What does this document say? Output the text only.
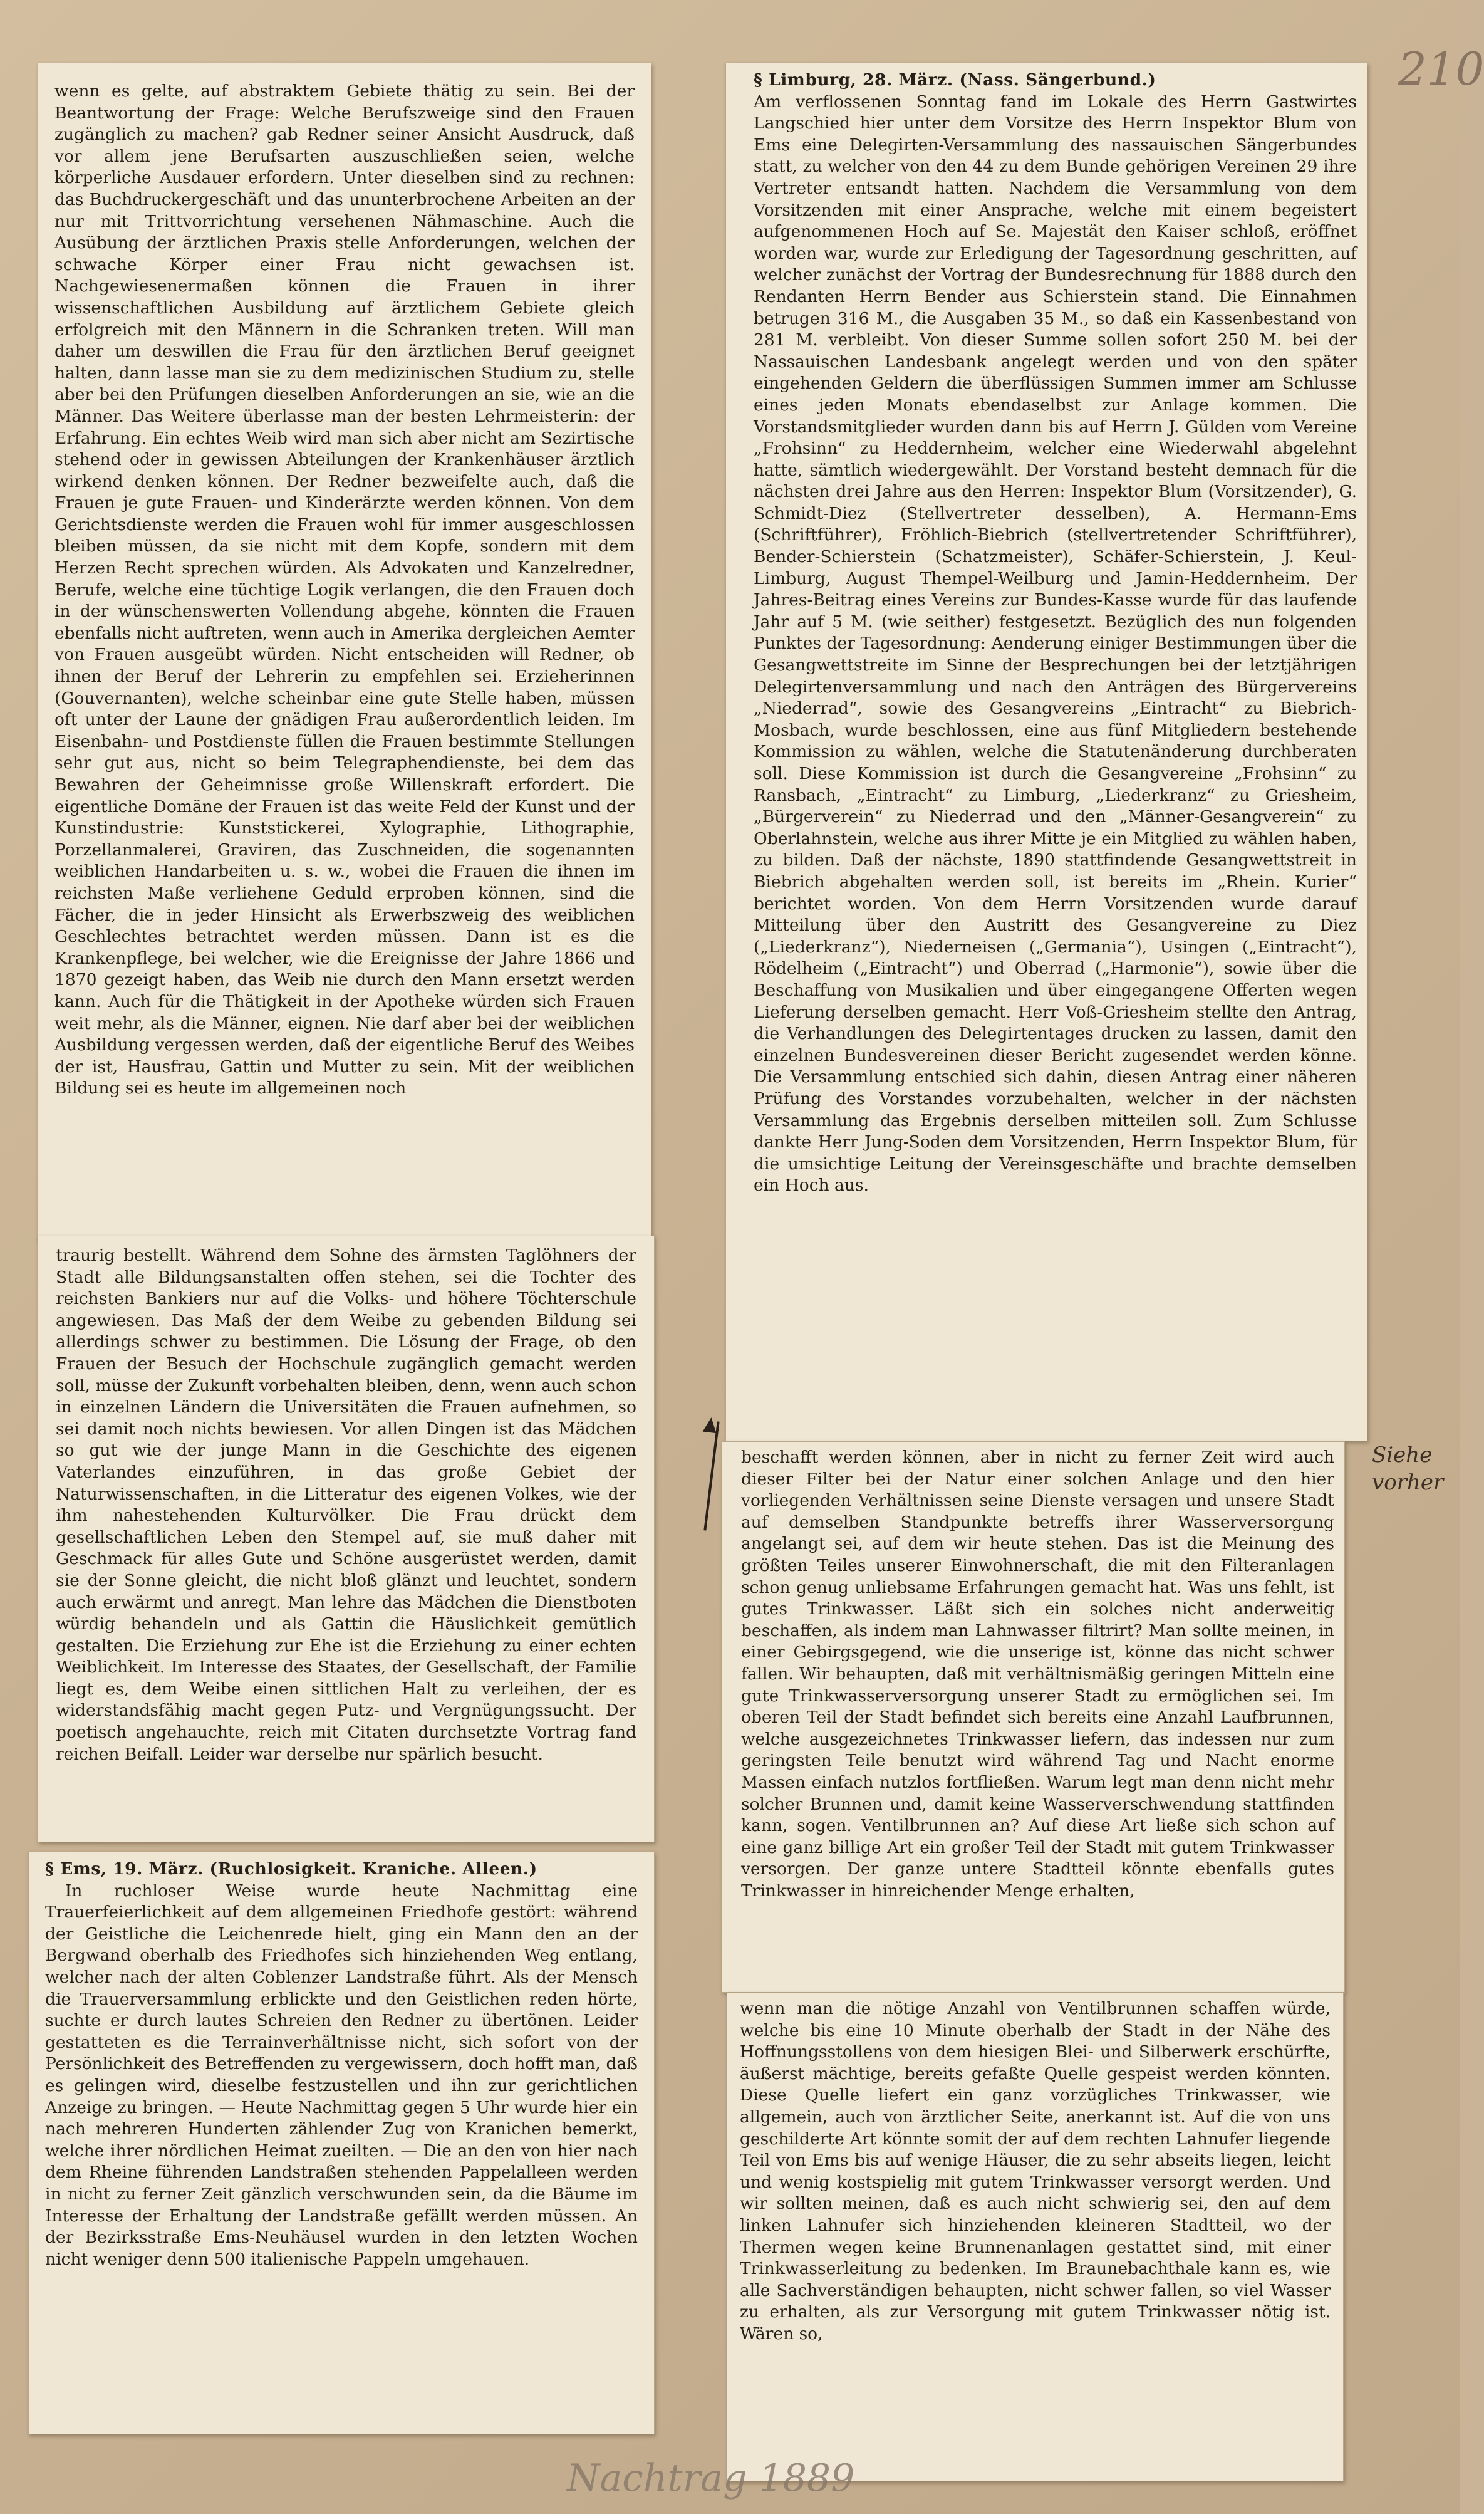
210

wenn es gelte, auf abstraktem Gebiete thätig zu sein. Bei der Beantwortung der Frage: Welche Berufszweige sind den Frauen zugänglich zu machen? gab Redner seiner Ansicht Ausdruck, daß vor allem jene Berufsarten auszuschließen seien, welche körperliche Ausdauer erfordern. Unter dieselben sind zu rechnen: das Buchdruckergeschäft und das ununterbrochene Arbeiten an der nur mit Trittvorrichtung versehenen Nähmaschine. Auch die Ausübung der ärztlichen Praxis stelle Anforderungen, welchen der schwache Körper einer Frau nicht gewachsen ist. Nachgewiesenermaßen können die Frauen in ihrer wissenschaftlichen Ausbildung auf ärztlichem Gebiete gleich erfolgreich mit den Männern in die Schranken treten. Will man daher um deswillen die Frau für den ärztlichen Beruf geeignet halten, dann lasse man sie zu dem medizinischen Studium zu, stelle aber bei den Prüfungen dieselben Anforderungen an sie, wie an die Männer. Das Weitere überlasse man der besten Lehrmeisterin: der Erfahrung. Ein echtes Weib wird man sich aber nicht am Sezirtische stehend oder in gewissen Abteilungen der Krankenhäuser ärztlich wirkend denken können. Der Redner bezweifelte auch, daß die Frauen je gute Frauen- und Kinderärzte werden können. Von dem Gerichtsdienste werden die Frauen wohl für immer ausgeschlossen bleiben müssen, da sie nicht mit dem Kopfe, sondern mit dem Herzen Recht sprechen würden. Als Advokaten und Kanzelredner, Berufe, welche eine tüchtige Logik verlangen, die den Frauen doch in der wünschenswerten Vollendung abgehe, könnten die Frauen ebenfalls nicht auftreten, wenn auch in Amerika dergleichen Aemter von Frauen ausgeübt würden. Nicht entscheiden will Redner, ob ihnen der Beruf der Lehrerin zu empfehlen sei. Erzieherinnen (Gouvernanten), welche scheinbar eine gute Stelle haben, müssen oft unter der Laune der gnädigen Frau außerordentlich leiden. Im Eisenbahn- und Postdienste füllen die Frauen bestimmte Stellungen sehr gut aus, nicht so beim Telegraphendienste, bei dem das Bewahren der Geheimnisse große Willenskraft erfordert. Die eigentliche Domäne der Frauen ist das weite Feld der Kunst und der Kunstindustrie: Kunststickerei, Xylographie, Lithographie, Porzellanmalerei, Graviren, das Zuschneiden, die sogenannten weiblichen Handarbeiten u. s. w., wobei die Frauen die ihnen im reichsten Maße verliehene Geduld erproben können, sind die Fächer, die in jeder Hinsicht als Erwerbszweig des weiblichen Geschlechtes betrachtet werden müssen. Dann ist es die Krankenpflege, bei welcher, wie die Ereignisse der Jahre 1866 und 1870 gezeigt haben, das Weib nie durch den Mann ersetzt werden kann. Auch für die Thätigkeit in der Apotheke würden sich Frauen weit mehr, als die Männer, eignen. Nie darf aber bei der weiblichen Ausbildung vergessen werden, daß der eigentliche Beruf des Weibes der ist, Hausfrau, Gattin und Mutter zu sein. Mit der weiblichen Bildung sei es heute im allgemeinen noch

traurig bestellt. Während dem Sohne des ärmsten Taglöhners der Stadt alle Bildungsanstalten offen stehen, sei die Tochter des reichsten Bankiers nur auf die Volks- und höhere Töchterschule angewiesen. Das Maß der dem Weibe zu gebenden Bildung sei allerdings schwer zu bestimmen. Die Lösung der Frage, ob den Frauen der Besuch der Hochschule zugänglich gemacht werden soll, müsse der Zukunft vorbehalten bleiben, denn, wenn auch schon in einzelnen Ländern die Universitäten die Frauen aufnehmen, so sei damit noch nichts bewiesen. Vor allen Dingen ist das Mädchen so gut wie der junge Mann in die Geschichte des eigenen Vaterlandes einzuführen, in das große Gebiet der Naturwissenschaften, in die Litteratur des eigenen Volkes, wie der ihm nahestehenden Kulturvölker. Die Frau drückt dem gesellschaftlichen Leben den Stempel auf, sie muß daher mit Geschmack für alles Gute und Schöne ausgerüstet werden, damit sie der Sonne gleicht, die nicht bloß glänzt und leuchtet, sondern auch erwärmt und anregt. Man lehre das Mädchen die Dienstboten würdig behandeln und als Gattin die Häuslichkeit gemütlich gestalten. Die Erziehung zur Ehe ist die Erziehung zu einer echten Weiblichkeit. Im Interesse des Staates, der Gesellschaft, der Familie liegt es, dem Weibe einen sittlichen Halt zu verleihen, der es widerstandsfähig macht gegen Putz- und Vergnügungssucht. Der poetisch angehauchte, reich mit Citaten durchsetzte Vortrag fand reichen Beifall. Leider war derselbe nur spärlich besucht.

§ Ems, 19. März. (Ruchlosigkeit. Kraniche. Alleen.)

In ruchloser Weise wurde heute Nachmittag eine Trauerfeierlichkeit auf dem allgemeinen Friedhofe gestört: während der Geistliche die Leichenrede hielt, ging ein Mann den an der Bergwand oberhalb des Friedhofes sich hinziehenden Weg entlang, welcher nach der alten Coblenzer Landstraße führt. Als der Mensch die Trauerversammlung erblickte und den Geistlichen reden hörte, suchte er durch lautes Schreien den Redner zu übertönen. Leider gestatteten es die Terrainverhältnisse nicht, sich sofort von der Persönlichkeit des Betreffenden zu vergewissern, doch hofft man, daß es gelingen wird, dieselbe festzustellen und ihn zur gerichtlichen Anzeige zu bringen. — Heute Nachmittag gegen 5 Uhr wurde hier ein nach mehreren Hunderten zählender Zug von Kranichen bemerkt, welche ihrer nördlichen Heimat zueilten. — Die an den von hier nach dem Rheine führenden Landstraßen stehenden Pappelalleen werden in nicht zu ferner Zeit gänzlich verschwunden sein, da die Bäume im Interesse der Erhaltung der Landstraße gefällt werden müssen. An der Bezirksstraße Ems-Neuhäusel wurden in den letzten Wochen nicht weniger denn 500 italienische Pappeln umgehauen.

§ Limburg, 28. März. (Nass. Sängerbund.)

Am verflossenen Sonntag fand im Lokale des Herrn Gastwirtes Langschied hier unter dem Vorsitze des Herrn Inspektor Blum von Ems eine Delegirten-Versammlung des nassauischen Sängerbundes statt, zu welcher von den 44 zu dem Bunde gehörigen Vereinen 29 ihre Vertreter entsandt hatten. Nachdem die Versammlung von dem Vorsitzenden mit einer Ansprache, welche mit einem begeistert aufgenommenen Hoch auf Se. Majestät den Kaiser schloß, eröffnet worden war, wurde zur Erledigung der Tagesordnung geschritten, auf welcher zunächst der Vortrag der Bundesrechnung für 1888 durch den Rendanten Herrn Bender aus Schierstein stand. Die Einnahmen betrugen 316 M., die Ausgaben 35 M., so daß ein Kassenbestand von 281 M. verbleibt. Von dieser Summe sollen sofort 250 M. bei der Nassauischen Landesbank angelegt werden und von den später eingehenden Geldern die überflüssigen Summen immer am Schlusse eines jeden Monats ebendaselbst zur Anlage kommen. Die Vorstandsmitglieder wurden dann bis auf Herrn J. Gülden vom Vereine „Frohsinn“ zu Heddernheim, welcher eine Wiederwahl abgelehnt hatte, sämtlich wiedergewählt. Der Vorstand besteht demnach für die nächsten drei Jahre aus den Herren: Inspektor Blum (Vorsitzender), G. Schmidt-Diez (Stellvertreter desselben), A. Hermann-Ems (Schriftführer), Fröhlich-Biebrich (stellvertretender Schriftführer), Bender-Schierstein (Schatzmeister), Schäfer-Schierstein, J. Keul-Limburg, August Thempel-Weilburg und Jamin-Heddernheim. Der Jahres-Beitrag eines Vereins zur Bundes-Kasse wurde für das laufende Jahr auf 5 M. (wie seither) festgesetzt. Bezüglich des nun folgenden Punktes der Tagesordnung: Aenderung einiger Bestimmungen über die Gesangwettstreite im Sinne der Besprechungen bei der letztjährigen Delegirtenversammlung und nach den Anträgen des Bürgervereins „Niederrad“, sowie des Gesangvereins „Eintracht“ zu Biebrich-Mosbach, wurde beschlossen, eine aus fünf Mitgliedern bestehende Kommission zu wählen, welche die Statutenänderung durchberaten soll. Diese Kommission ist durch die Gesangvereine „Frohsinn“ zu Ransbach, „Eintracht“ zu Limburg, „Liederkranz“ zu Griesheim, „Bürgerverein“ zu Niederrad und den „Männer-Gesangverein“ zu Oberlahnstein, welche aus ihrer Mitte je ein Mitglied zu wählen haben, zu bilden. Daß der nächste, 1890 stattfindende Gesangwettstreit in Biebrich abgehalten werden soll, ist bereits im „Rhein. Kurier“ berichtet worden. Von dem Herrn Vorsitzenden wurde darauf Mitteilung über den Austritt des Gesangvereine zu Diez („Liederkranz“), Niederneisen („Germania“), Usingen („Eintracht“), Rödelheim („Eintracht“) und Oberrad („Harmonie“), sowie über die Beschaffung von Musikalien und über eingegangene Offerten wegen Lieferung derselben gemacht. Herr Voß-Griesheim stellte den Antrag, die Verhandlungen des Delegirtentages drucken zu lassen, damit den einzelnen Bundesvereinen dieser Bericht zugesendet werden könne. Die Versammlung entschied sich dahin, diesen Antrag einer näheren Prüfung des Vorstandes vorzubehalten, welcher in der nächsten Versammlung das Ergebnis derselben mitteilen soll. Zum Schlusse dankte Herr Jung-Soden dem Vorsitzenden, Herrn Inspektor Blum, für die umsichtige Leitung der Vereinsgeschäfte und brachte demselben ein Hoch aus.

beschafft werden können, aber in nicht zu ferner Zeit wird auch dieser Filter bei der Natur einer solchen Anlage und den hier vorliegenden Verhältnissen seine Dienste versagen und unsere Stadt auf demselben Standpunkte betreffs ihrer Wasserversorgung angelangt sei, auf dem wir heute stehen. Das ist die Meinung des größten Teiles unserer Einwohnerschaft, die mit den Filteranlagen schon genug unliebsame Erfahrungen gemacht hat. Was uns fehlt, ist gutes Trinkwasser. Läßt sich ein solches nicht anderweitig beschaffen, als indem man Lahnwasser filtrirt? Man sollte meinen, in einer Gebirgsgegend, wie die unserige ist, könne das nicht schwer fallen. Wir behaupten, daß mit verhältnismäßig geringen Mitteln eine gute Trinkwasserversorgung unserer Stadt zu ermöglichen sei. Im oberen Teil der Stadt befindet sich bereits eine Anzahl Laufbrunnen, welche ausgezeichnetes Trinkwasser liefern, das indessen nur zum geringsten Teile benutzt wird während Tag und Nacht enorme Massen einfach nutzlos fortfließen. Warum legt man denn nicht mehr solcher Brunnen und, damit keine Wasserverschwendung stattfinden kann, sogen. Ventilbrunnen an? Auf diese Art ließe sich schon auf eine ganz billige Art ein großer Teil der Stadt mit gutem Trinkwasser versorgen. Der ganze untere Stadtteil könnte ebenfalls gutes Trinkwasser in hinreichender Menge erhalten,

Siehe vorher

wenn man die nötige Anzahl von Ventilbrunnen schaffen würde, welche bis eine 10 Minute oberhalb der Stadt in der Nähe des Hoffnungsstollens von dem hiesigen Blei- und Silberwerk erschürfte, äußerst mächtige, bereits gefaßte Quelle gespeist werden könnten. Diese Quelle liefert ein ganz vorzügliches Trinkwasser, wie allgemein, auch von ärztlicher Seite, anerkannt ist. Auf die von uns geschilderte Art könnte somit der auf dem rechten Lahnufer liegende Teil von Ems bis auf wenige Häuser, die zu sehr abseits liegen, leicht und wenig kostspielig mit gutem Trinkwasser versorgt werden. Und wir sollten meinen, daß es auch nicht schwierig sei, den auf dem linken Lahnufer sich hinziehenden kleineren Stadtteil, wo der Thermen wegen keine Brunnenanlagen gestattet sind, mit einer Trinkwasserleitung zu bedenken. Im Braunebachthale kann es, wie alle Sachverständigen behaupten, nicht schwer fallen, so viel Wasser zu erhalten, als zur Versorgung mit gutem Trinkwasser nötig ist. Wären so,

Nachtrag 1889
